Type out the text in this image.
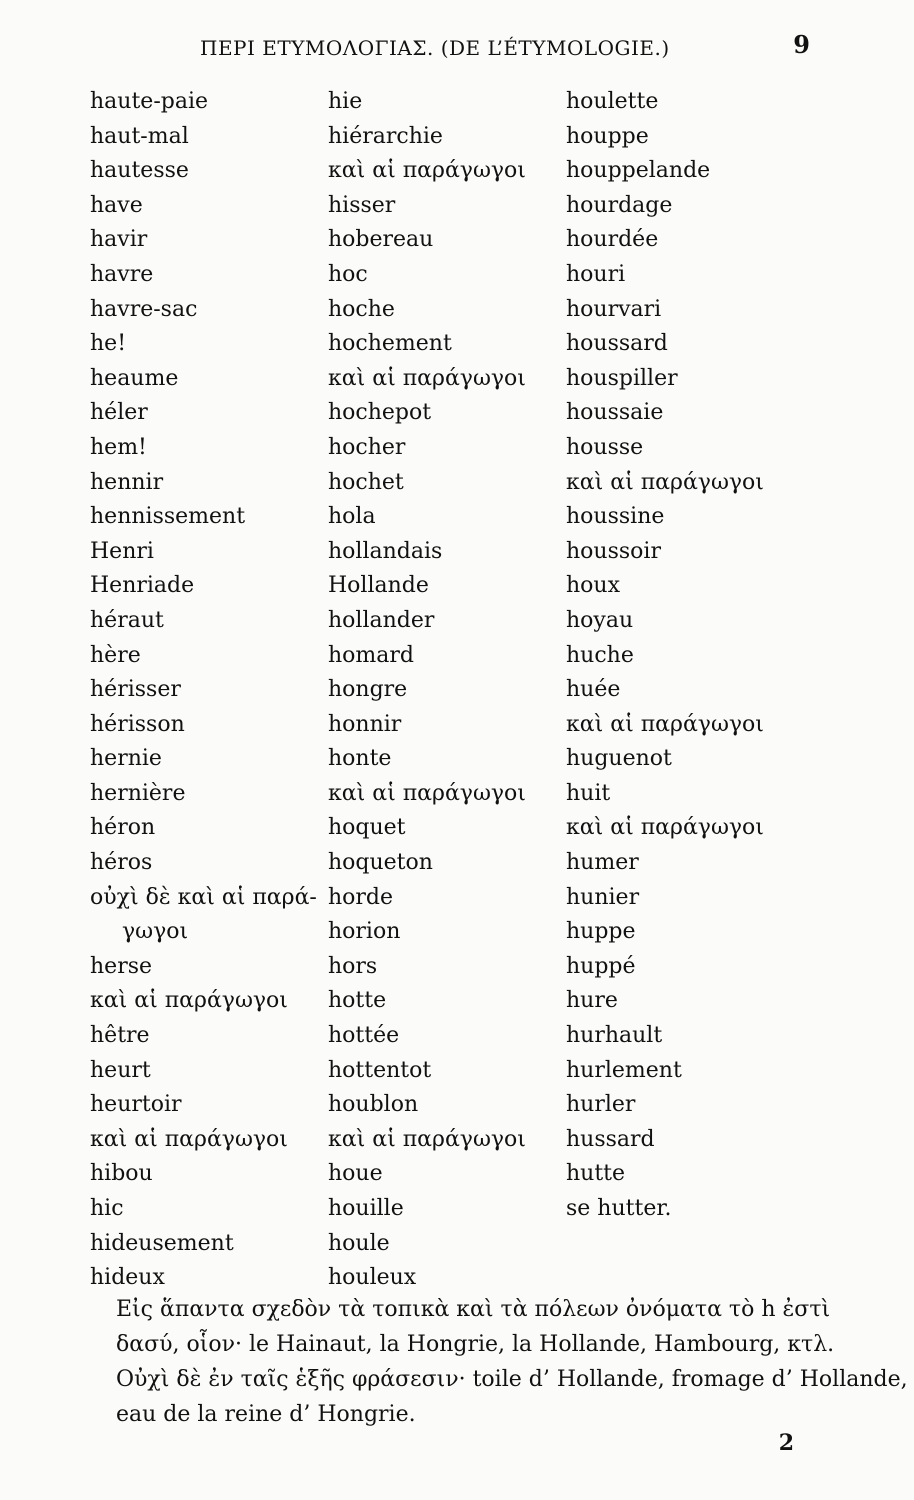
ΠΕΡΙ ΕΤΥΜΟΛΟΓΙΑΣ. (DE L’ÉTYMOLOGIE.)	9
haute-paie
haut-mal
hautesse
have
havir
havre
havre-sac
he!
heaume
héler
hem!
hennir
hennissement
Henri
Henriade
héraut
hère
hérisser
hérisson
hernie
hernière
héron
héros
οὐχὶ δὲ καὶ αἱ παρά-
γωγοι
herse
καὶ αἱ παράγωγοι
hêtre
heurt
heurtoir
καὶ αἱ παράγωγοι
hibou
hic
hideusement
hideux
hie
hiérarchie
καὶ αἱ παράγωγοι
hisser
hobereau
hoc
hoche
hochement
καὶ αἱ παράγωγοι
hochepot
hocher
hochet
hola
hollandais
Hollande
hollander
homard
hongre
honnir
honte
καὶ αἱ παράγωγοι
hoquet
hoqueton
horde
horion
hors
hotte
hottée
hottentot
houblon
καὶ αἱ παράγωγοι
houe
houille
houle
houleux
houlette
houppe
houppelande
hourdage
hourdée
houri
hourvari
houssard
houspiller
houssaie
housse
καὶ αἱ παράγωγοι
houssine
houssoir
houx
hoyau
huche
huée
καὶ αἱ παράγωγοι
huguenot
huit
καὶ αἱ παράγωγοι
humer
hunier
huppe
huppé
hure
hurhault
hurlement
hurler
hussard
hutte
se hutter.
Εἰς ἅπαντα σχεδὸν τὰ τοπικὰ καὶ τὰ πόλεων ὀνόματα τὸ h ἐστὶ
δασύ, οἷον· le Hainaut, la Hongrie, la Hollande, Hambourg, κτλ.
Οὐχὶ δὲ ἐν ταῖς ἑξῆς φράσεσιν· toile d’ Hollande, fromage d’ Hollande,
eau de la reine d’ Hongrie.
2
